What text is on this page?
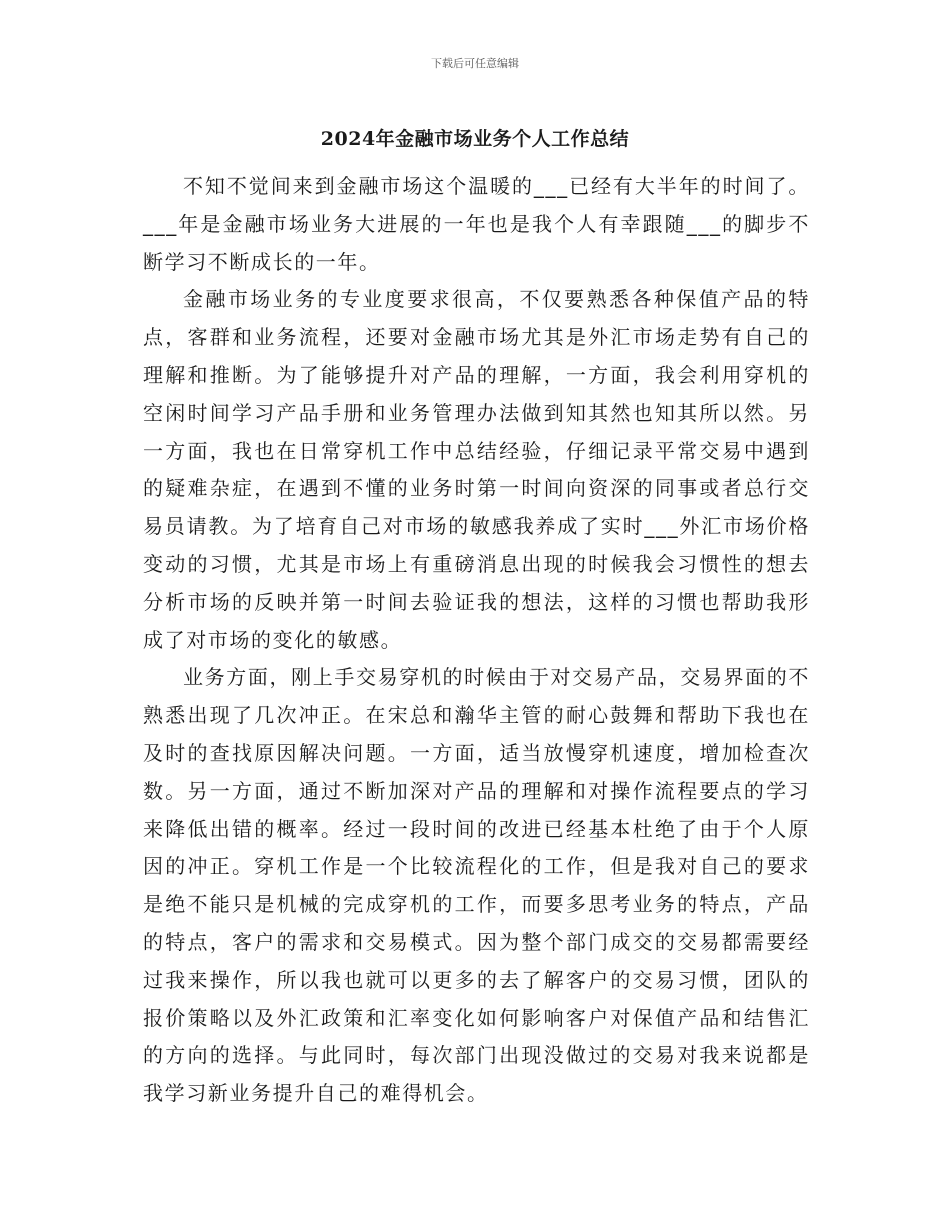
下载后可任意编辑
2024年金融市场业务个人工作总结

不知不觉间来到金融市场这个温暖的___已经有大半年的时间了。___年是金融市场业务大进展的一年也是我个人有幸跟随___的脚步不断学习不断成长的一年。

金融市场业务的专业度要求很高，不仅要熟悉各种保值产品的特点，客群和业务流程，还要对金融市场尤其是外汇市场走势有自己的理解和推断。为了能够提升对产品的理解，一方面，我会利用穿机的空闲时间学习产品手册和业务管理办法做到知其然也知其所以然。另一方面，我也在日常穿机工作中总结经验，仔细记录平常交易中遇到的疑难杂症，在遇到不懂的业务时第一时间向资深的同事或者总行交易员请教。为了培育自己对市场的敏感我养成了实时___外汇市场价格变动的习惯，尤其是市场上有重磅消息出现的时候我会习惯性的想去分析市场的反映并第一时间去验证我的想法，这样的习惯也帮助我形成了对市场的变化的敏感。

业务方面，刚上手交易穿机的时候由于对交易产品，交易界面的不熟悉出现了几次冲正。在宋总和瀚华主管的耐心鼓舞和帮助下我也在及时的查找原因解决问题。一方面，适当放慢穿机速度，增加检查次数。另一方面，通过不断加深对产品的理解和对操作流程要点的学习来降低出错的概率。经过一段时间的改进已经基本杜绝了由于个人原因的冲正。穿机工作是一个比较流程化的工作，但是我对自己的要求是绝不能只是机械的完成穿机的工作，而要多思考业务的特点，产品的特点，客户的需求和交易模式。因为整个部门成交的交易都需要经过我来操作，所以我也就可以更多的去了解客户的交易习惯，团队的报价策略以及外汇政策和汇率变化如何影响客户对保值产品和结售汇的方向的选择。与此同时，每次部门出现没做过的交易对我来说都是我学习新业务提升自己的难得机会。
